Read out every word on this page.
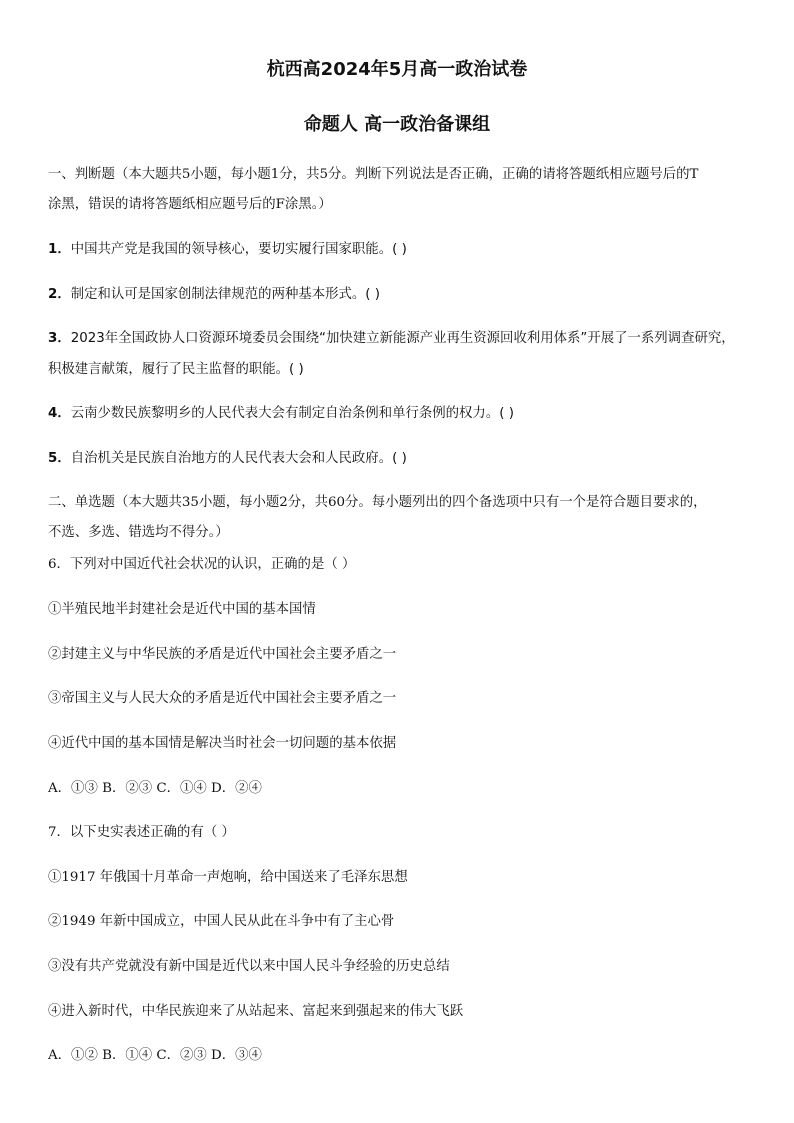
杭西高2024年5月高一政治试卷
命题人 高一政治备课组
一、判断题（本大题共5小题，每小题1分，共5分。判断下列说法是否正确，正确的请将答题纸相应题号后的T
涂黑，错误的请将答题纸相应题号后的F涂黑。）
1．中国共产党是我国的领导核心，要切实履行国家职能。( )
2．制定和认可是国家创制法律规范的两种基本形式。( )
3．2023年全国政协人口资源环境委员会围绕“加快建立新能源产业再生资源回收利用体系”开展了一系列调查研究，
积极建言献策，履行了民主监督的职能。( )
4．云南少数民族黎明乡的人民代表大会有制定自治条例和单行条例的权力。( )
5．自治机关是民族自治地方的人民代表大会和人民政府。( )
二、单选题（本大题共35小题，每小题2分，共60分。每小题列出的四个备选项中只有一个是符合题目要求的，
不选、多选、错选均不得分。）
6．下列对中国近代社会状况的认识，正确的是（ ）
①半殖民地半封建社会是近代中国的基本国情
②封建主义与中华民族的矛盾是近代中国社会主要矛盾之一
③帝国主义与人民大众的矛盾是近代中国社会主要矛盾之一
④近代中国的基本国情是解决当时社会一切问题的基本依据
A．①③ B．②③ C．①④ D．②④
7．以下史实表述正确的有（ ）
①1917 年俄国十月革命一声炮响，给中国送来了毛泽东思想
②1949 年新中国成立，中国人民从此在斗争中有了主心骨
③没有共产党就没有新中国是近代以来中国人民斗争经验的历史总结
④进入新时代，中华民族迎来了从站起来、富起来到强起来的伟大飞跃
A．①② B．①④ C．②③ D．③④
